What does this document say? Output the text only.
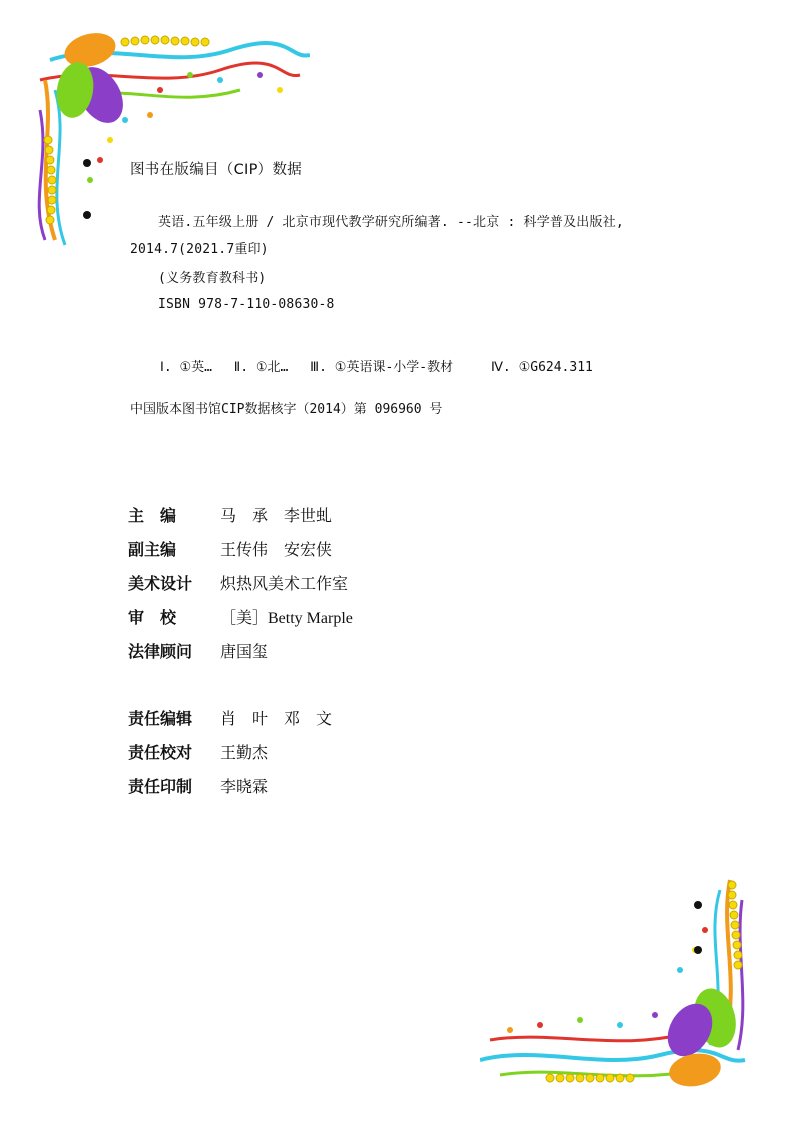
图书在版编目（CIP）数据
英语.五年级上册 / 北京市现代教学研究所编著. --北京 : 科学普及出版社,
2014.7(2021.7重印)
(义务教育教科书)
ISBN 978-7-110-08630-8
Ⅰ. ①英… Ⅱ. ①北… Ⅲ. ①英语课-小学-教材	Ⅳ. ①G624.311
中国版本图书馆CIP数据核字（2014）第 096960 号
主　编	马　承　李世虬
副主编	王传伟　安宏侠
美术设计	炽热风美术工作室
审　校	［美］Betty Marple
法律顾问	唐国玺
责任编辑	肖　叶　邓　文
责任校对	王勤杰
责任印制	李晓霖
